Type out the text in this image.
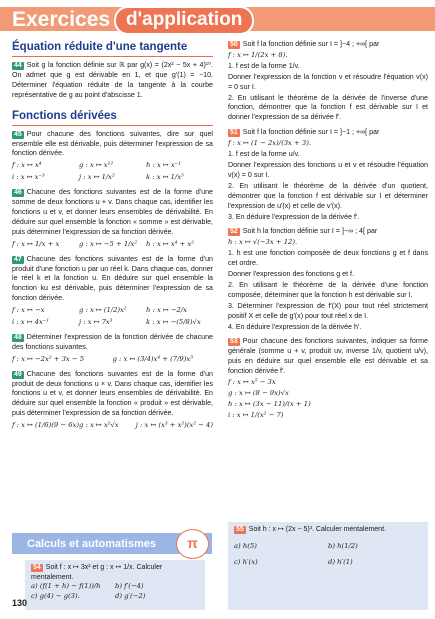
Exercices d'application
Équation réduite d'une tangente
44 Soit g la fonction définie sur ℝ par g(x) = (2x² − 5x + 4)¹⁰. On admet que g est dérivable en 1, et que g′(1) = −10. Déterminer l'équation réduite de la tangente à la courbe représentative de g au point d'abscisse 1.
Fonctions dérivées
45 Pour chacune des fonctions suivantes, dire sur quel ensemble elle est dérivable, puis déterminer l'expression de sa fonction dérivée.
f : x ↦ x⁴	g : x ↦ x¹²	h : x ↦ x⁻¹
i : x ↦ x⁻³	j : x ↦ 1/x²	k : x ↦ 1/x⁵
46 Chacune des fonctions suivantes est de la forme d'une somme de deux fonctions u + v. Dans chaque cas, identifier les fonctions u et v, et donner leurs ensembles de dérivabilité. En déduire sur quel ensemble la fonction « somme » est dérivable, puis déterminer l'expression de sa fonction dérivée.
f : x ↦ 1/x + x	g : x ↦ −5 + 1/x²	h : x ↦ x⁴ + x²
47 Chacune des fonctions suivantes est de la forme d'un produit d'une fonction u par un réel k. Dans chaque cas, donner le réel k et la fonction u. En déduire sur quel ensemble la fonction ku est dérivable, puis déterminer l'expression de sa fonction dérivée.
f : x ↦ −x	g : x ↦ (1/2)x²	h : x ↦ −2/x
i : x ↦ 4x⁻¹	j : x ↦ 7x³	k : x ↦ −(5/8)√x
48 Déterminer l'expression de la fonction dérivée de chacune des fonctions suivantes.
f : x ↦ −2x² + 3x − 5	g : x ↦ (3/4)x⁴ + (7/9)x³
49 Chacune des fonctions suivantes est de la forme d'un produit de deux fonctions u × v. Dans chaque cas, identifier les fonctions u et v, et donner leurs ensembles de dérivabilité. En déduire sur quel ensemble la fonction « produit » est dérivable, puis déterminer l'expression de sa fonction dérivée.
f : x ↦ (1/6)(9 − 6x) g : x ↦ x²√x	j : x ↦ (x³ + x²)(x² − 4)
50 Soit f la fonction définie sur I = ]−4 ; +∞[ par
f : x ↦ 1/(2x + 8).
1. f est de la forme 1/v.
Donner l'expression de la fonction v et résoudre l'équation v(x) = 0 sur I.
2. En utilisant le théorème de la dérivée de l'inverse d'une fonction, démontrer que la fonction f est dérivable sur I et donner l'expression de sa dérivée f′.
51 Soit f la fonction définie sur I = ]−1 ; +∞[ par
f : x ↦ (1 − 2x)/(3x + 3).
1. f est de la forme u/v.
Donner l'expression des fonctions u et v et résoudre l'équation v(x) = 0 sur I.
2. En utilisant le théorème de la dérivée d'un quotient, démontrer que la fonction f est dérivable sur I et déterminer l'expression de u′(x) et celle de v′(x).
3. En déduire l'expression de la dérivée f′.
52 Soit h la fonction définie sur I = ]−∞ ; 4[ par
h : x ↦ √(−3x + 12).
1. h est une fonction composée de deux fonctions g et f dans cet ordre.
Donner l'expression des fonctions g et f.
2. En utilisant le théorème de la dérivée d'une fonction composée, déterminer que la fonction h est dérivable sur I.
3. Déterminer l'expression de f′(X) pour tout réel strictement positif X et celle de g′(x) pour tout réel x de I.
4. En déduire l'expression de la dérivée h′.
53 Pour chacune des fonctions suivantes, indiquer sa forme générale (somme u + v, produit uv, inverse 1/v, quotient u/v), puis en déduire sur quel ensemble elle est dérivable et sa fonction dérivée f′.
f : x ↦ x⁵ − 3x
g : x ↦ (8 − 9x)√x
h : x ↦ (3x − 11)/(x + 1)
i : x ↦ 1/(x² − 7)
Calculs et automatismes	π
54 Soit f : x ↦ 3x² et g : x ↦ 1/x. Calculer mentalement.
a) (f(1 + h) − f(1))/h	b) f′(−4)
c) g(4) − g(3).	d) g′(−2)
55 Soit h : x ↦ (2x − 5)³. Calculer mentalement.
a) h(5)	b) h(1/2)
c) h′(x)	d) h′(1)
130
